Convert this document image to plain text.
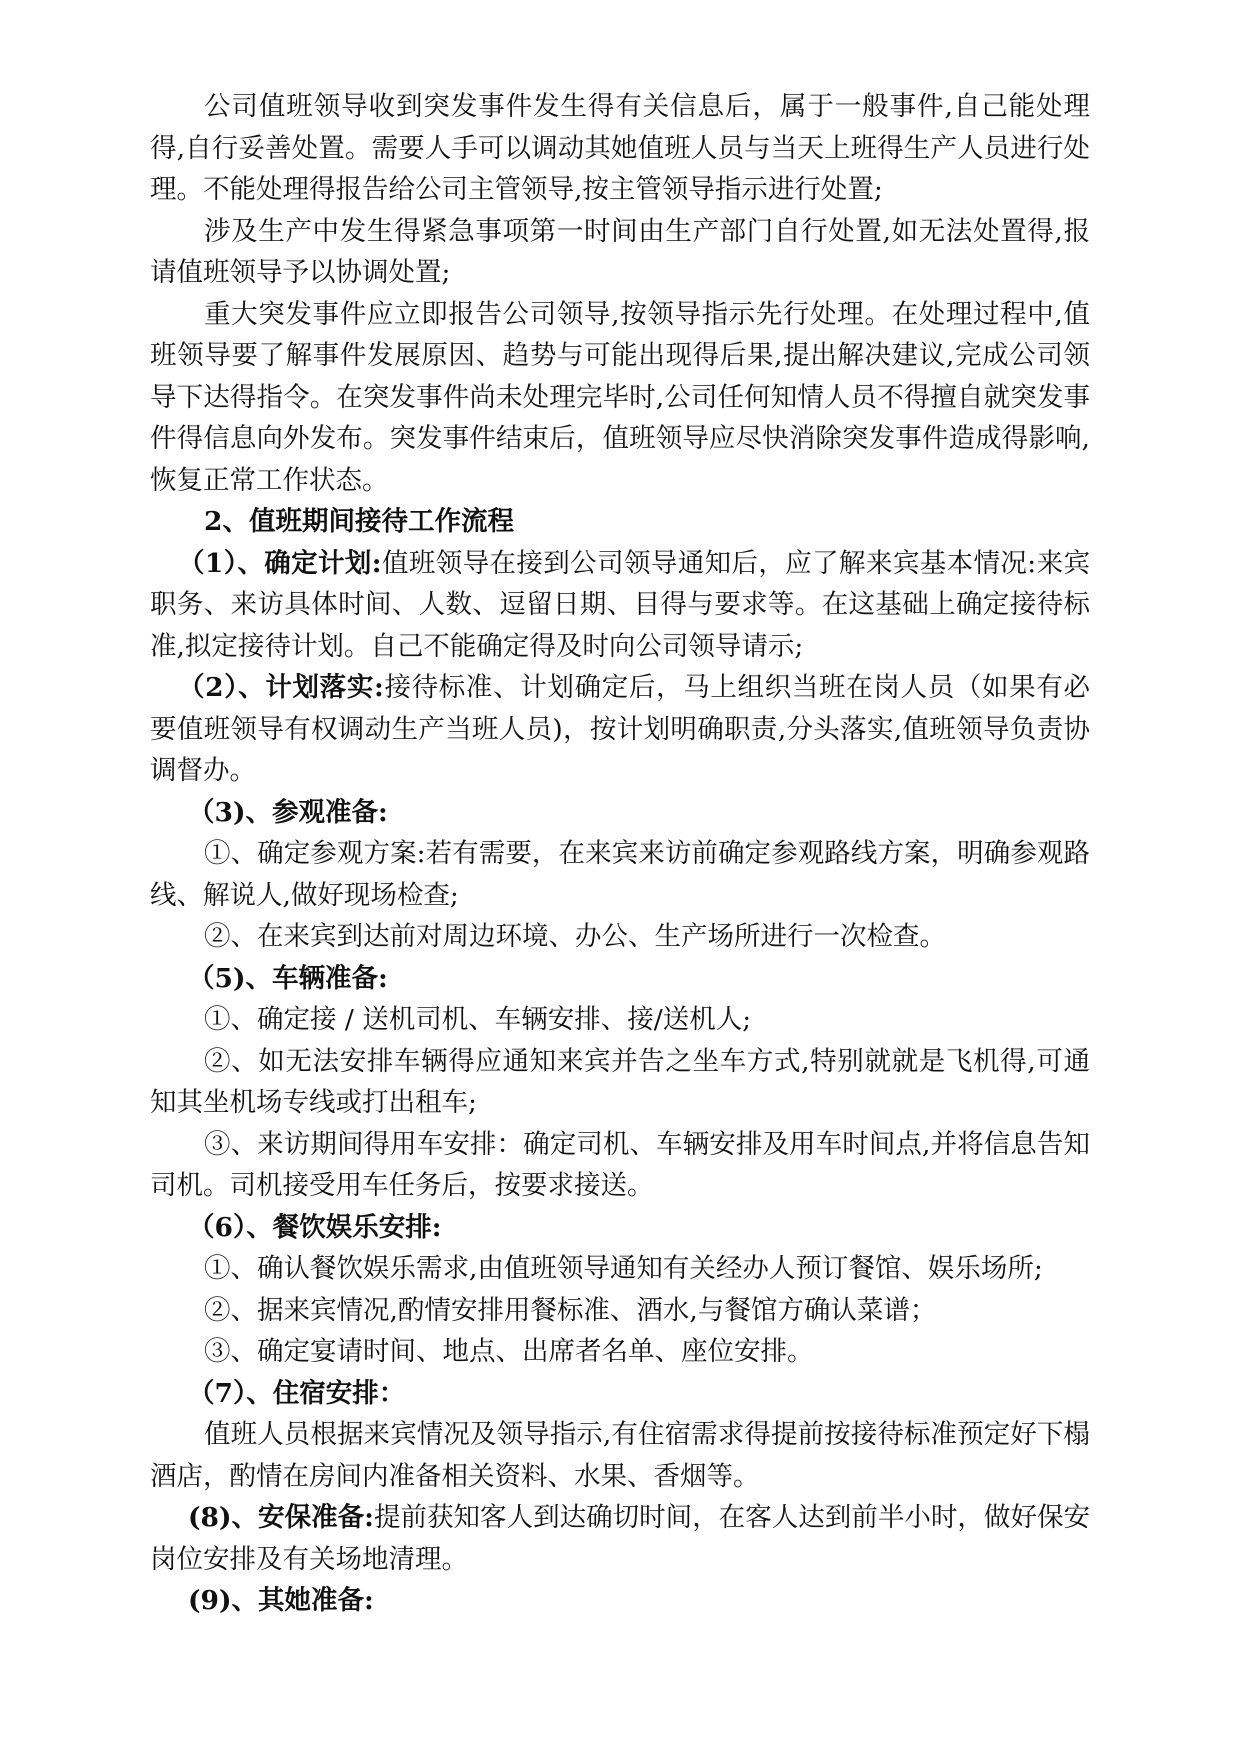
公司值班领导收到突发事件发生得有关信息后，属于一般事件,自己能处理得,自行妥善处置。需要人手可以调动其她值班人员与当天上班得生产人员进行处理。不能处理得报告给公司主管领导,按主管领导指示进行处置;

涉及生产中发生得紧急事项第一时间由生产部门自行处置,如无法处置得,报请值班领导予以协调处置;

重大突发事件应立即报告公司领导,按领导指示先行处理。在处理过程中,值班领导要了解事件发展原因、趋势与可能出现得后果,提出解决建议,完成公司领导下达得指令。在突发事件尚未处理完毕时,公司任何知情人员不得擅自就突发事件得信息向外发布。突发事件结束后，值班领导应尽快消除突发事件造成得影响,恢复正常工作状态。

2、值班期间接待工作流程

（1）、确定计划:值班领导在接到公司领导通知后，应了解来宾基本情况:来宾职务、来访具体时间、人数、逗留日期、目得与要求等。在这基础上确定接待标准,拟定接待计划。自己不能确定得及时向公司领导请示;

（2）、计划落实:接待标准、计划确定后，马上组织当班在岗人员（如果有必要值班领导有权调动生产当班人员)，按计划明确职责,分头落实,值班领导负责协调督办。

（3)、参观准备:

①、确定参观方案:若有需要，在来宾来访前确定参观路线方案，明确参观路线、解说人,做好现场检查;

②、在来宾到达前对周边环境、办公、生产场所进行一次检查。

（5)、车辆准备:

①、确定接 / 送机司机、车辆安排、接/送机人;

②、如无法安排车辆得应通知来宾并告之坐车方式,特别就就是飞机得,可通知其坐机场专线或打出租车;

③、来访期间得用车安排：确定司机、车辆安排及用车时间点,并将信息告知司机。司机接受用车任务后，按要求接送。

（6）、餐饮娱乐安排:

①、确认餐饮娱乐需求,由值班领导通知有关经办人预订餐馆、娱乐场所;

②、据来宾情况,酌情安排用餐标准、酒水,与餐馆方确认菜谱；

③、确定宴请时间、地点、出席者名单、座位安排。

（7）、住宿安排：

值班人员根据来宾情况及领导指示,有住宿需求得提前按接待标准预定好下榻酒店，酌情在房间内准备相关资料、水果、香烟等。

(8)、安保准备:提前获知客人到达确切时间，在客人达到前半小时，做好保安岗位安排及有关场地清理。

(9)、其她准备:
